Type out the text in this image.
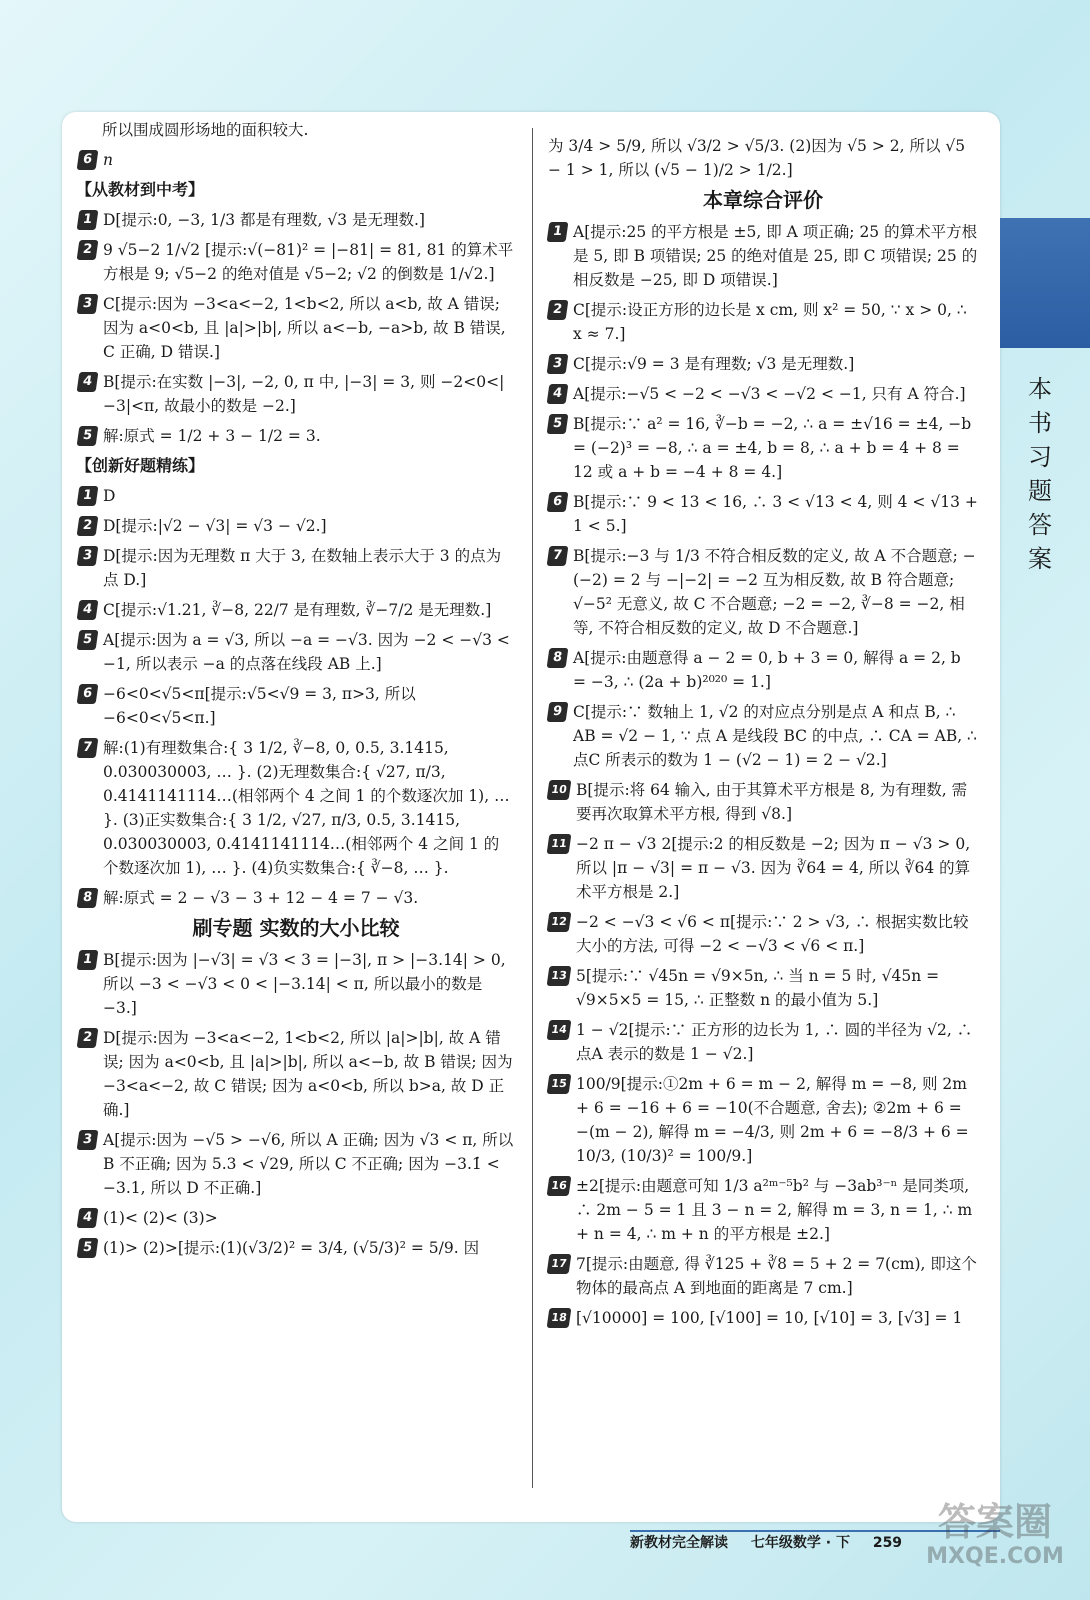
本书习题答案

所以围成圆形场地的面积较大.

6 n
【从教材到中考】
1 D[提示:0, −3, 1/3 都是有理数, √3 是无理数.]
2 9 √5−2 1/√2 [提示:√(−81)² = |−81| = 81, 81 的算术平方根是 9; √5−2 的绝对值是 √5−2; √2 的倒数是 1/√2.]
3 C[提示:因为 −3<a<−2, 1<b<2, 所以 a<b, 故 A 错误; 因为 a<0<b, 且 |a|>|b|, 所以 a<−b, −a>b, 故 B 错误, C 正确, D 错误.]
4 B[提示:在实数 |−3|, −2, 0, π 中, |−3| = 3, 则 −2<0<|−3|<π, 故最小的数是 −2.]
5 解:原式 = 1/2 + 3 − 1/2 = 3.
【创新好题精练】
1 D
2 D[提示:|√2 − √3| = √3 − √2.]
3 D[提示:因为无理数 π 大于 3, 在数轴上表示大于 3 的点为点 D.]
4 C[提示:√1.21, ∛−8, 22/7 是有理数, ∛−7/2 是无理数.]
5 A[提示:因为 a = √3, 所以 −a = −√3. 因为 −2 < −√3 < −1, 所以表示 −a 的点落在线段 AB 上.]
6 −6<0<√5<π[提示:√5<√9 = 3, π>3, 所以 −6<0<√5<π.]
7 解:(1)有理数集合:{ 3 1/2, ∛−8, 0, 0.5, 3.1415, 0.030030003, … }. (2)无理数集合:{ √27, π/3, 0.4141141114…(相邻两个 4 之间 1 的个数逐次加 1), … }. (3)正实数集合:{ 3 1/2, √27, π/3, 0.5, 3.1415, 0.030030003, 0.4141141114…(相邻两个 4 之间 1 的个数逐次加 1), … }. (4)负实数集合:{ ∛−8, … }.
8 解:原式 = 2 − √3 − 3 + 12 − 4 = 7 − √3.
刷专题 实数的大小比较
1 B[提示:因为 |−√3| = √3 < 3 = |−3|, π > |−3.14| > 0, 所以 −3 < −√3 < 0 < |−3.14| < π, 所以最小的数是 −3.]
2 D[提示:因为 −3<a<−2, 1<b<2, 所以 |a|>|b|, 故 A 错误; 因为 a<0<b, 且 |a|>|b|, 所以 a<−b, 故 B 错误; 因为 −3<a<−2, 故 C 错误; 因为 a<0<b, 所以 b>a, 故 D 正确.]
3 A[提示:因为 −√5 > −√6, 所以 A 正确; 因为 √3 < π, 所以 B 不正确; 因为 5.3 < √29, 所以 C 不正确; 因为 −3.1̇ < −3.1, 所以 D 不正确.]
4 (1)< (2)< (3)>
5 (1)> (2)>[提示:(1)(√3/2)² = 3/4, (√5/3)² = 5/9. 因

为 3/4 > 5/9, 所以 √3/2 > √5/3. (2)因为 √5 > 2, 所以 √5 − 1 > 1, 所以 (√5 − 1)/2 > 1/2.]

本章综合评价
1 A[提示:25 的平方根是 ±5, 即 A 项正确; 25 的算术平方根是 5, 即 B 项错误; 25 的绝对值是 25, 即 C 项错误; 25 的相反数是 −25, 即 D 项错误.]
2 C[提示:设正方形的边长是 x cm, 则 x² = 50, ∵ x > 0, ∴ x ≈ 7.]
3 C[提示:√9 = 3 是有理数; √3 是无理数.]
4 A[提示:−√5 < −2 < −√3 < −√2 < −1, 只有 A 符合.]
5 B[提示:∵ a² = 16, ∛−b = −2, ∴ a = ±√16 = ±4, −b = (−2)³ = −8, ∴ a = ±4, b = 8, ∴ a + b = 4 + 8 = 12 或 a + b = −4 + 8 = 4.]
6 B[提示:∵ 9 < 13 < 16, ∴ 3 < √13 < 4, 则 4 < √13 + 1 < 5.]
7 B[提示:−3 与 1/3 不符合相反数的定义, 故 A 不合题意; −(−2) = 2 与 −|−2| = −2 互为相反数, 故 B 符合题意; √−5² 无意义, 故 C 不合题意; −2 = −2, ∛−8 = −2, 相等, 不符合相反数的定义, 故 D 不合题意.]
8 A[提示:由题意得 a − 2 = 0, b + 3 = 0, 解得 a = 2, b = −3, ∴ (2a + b)²⁰²⁰ = 1.]
9 C[提示:∵ 数轴上 1, √2 的对应点分别是点 A 和点 B, ∴ AB = √2 − 1, ∵ 点 A 是线段 BC 的中点, ∴ CA = AB, ∴ 点C 所表示的数为 1 − (√2 − 1) = 2 − √2.]
10 B[提示:将 64 输入, 由于其算术平方根是 8, 为有理数, 需要再次取算术平方根, 得到 √8.]
11 −2 π − √3 2[提示:2 的相反数是 −2; 因为 π − √3 > 0, 所以 |π − √3| = π − √3. 因为 ∛64 = 4, 所以 ∛64 的算术平方根是 2.]
12 −2 < −√3 < √6 < π[提示:∵ 2 > √3, ∴ 根据实数比较大小的方法, 可得 −2 < −√3 < √6 < π.]
13 5[提示:∵ √45n = √9×5n, ∴ 当 n = 5 时, √45n = √9×5×5 = 15, ∴ 正整数 n 的最小值为 5.]
14 1 − √2[提示:∵ 正方形的边长为 1, ∴ 圆的半径为 √2, ∴ 点A 表示的数是 1 − √2.]
15 100/9[提示:①2m + 6 = m − 2, 解得 m = −8, 则 2m + 6 = −16 + 6 = −10(不合题意, 舍去); ②2m + 6 = −(m − 2), 解得 m = −4/3, 则 2m + 6 = −8/3 + 6 = 10/3, (10/3)² = 100/9.]
16 ±2[提示:由题意可知 1/3 a²ᵐ⁻⁵b² 与 −3ab³⁻ⁿ 是同类项, ∴ 2m − 5 = 1 且 3 − n = 2, 解得 m = 3, n = 1, ∴ m + n = 4, ∴ m + n 的平方根是 ±2.]
17 7[提示:由题意, 得 ∛125 + ∛8 = 5 + 2 = 7(cm), 即这个物体的最高点 A 到地面的距离是 7 cm.]
18 [√10000] = 100, [√100] = 10, [√10] = 3, [√3] = 1
新教材完全解读 七年级数学 · 下 259 答案圈
MXQE.COM
